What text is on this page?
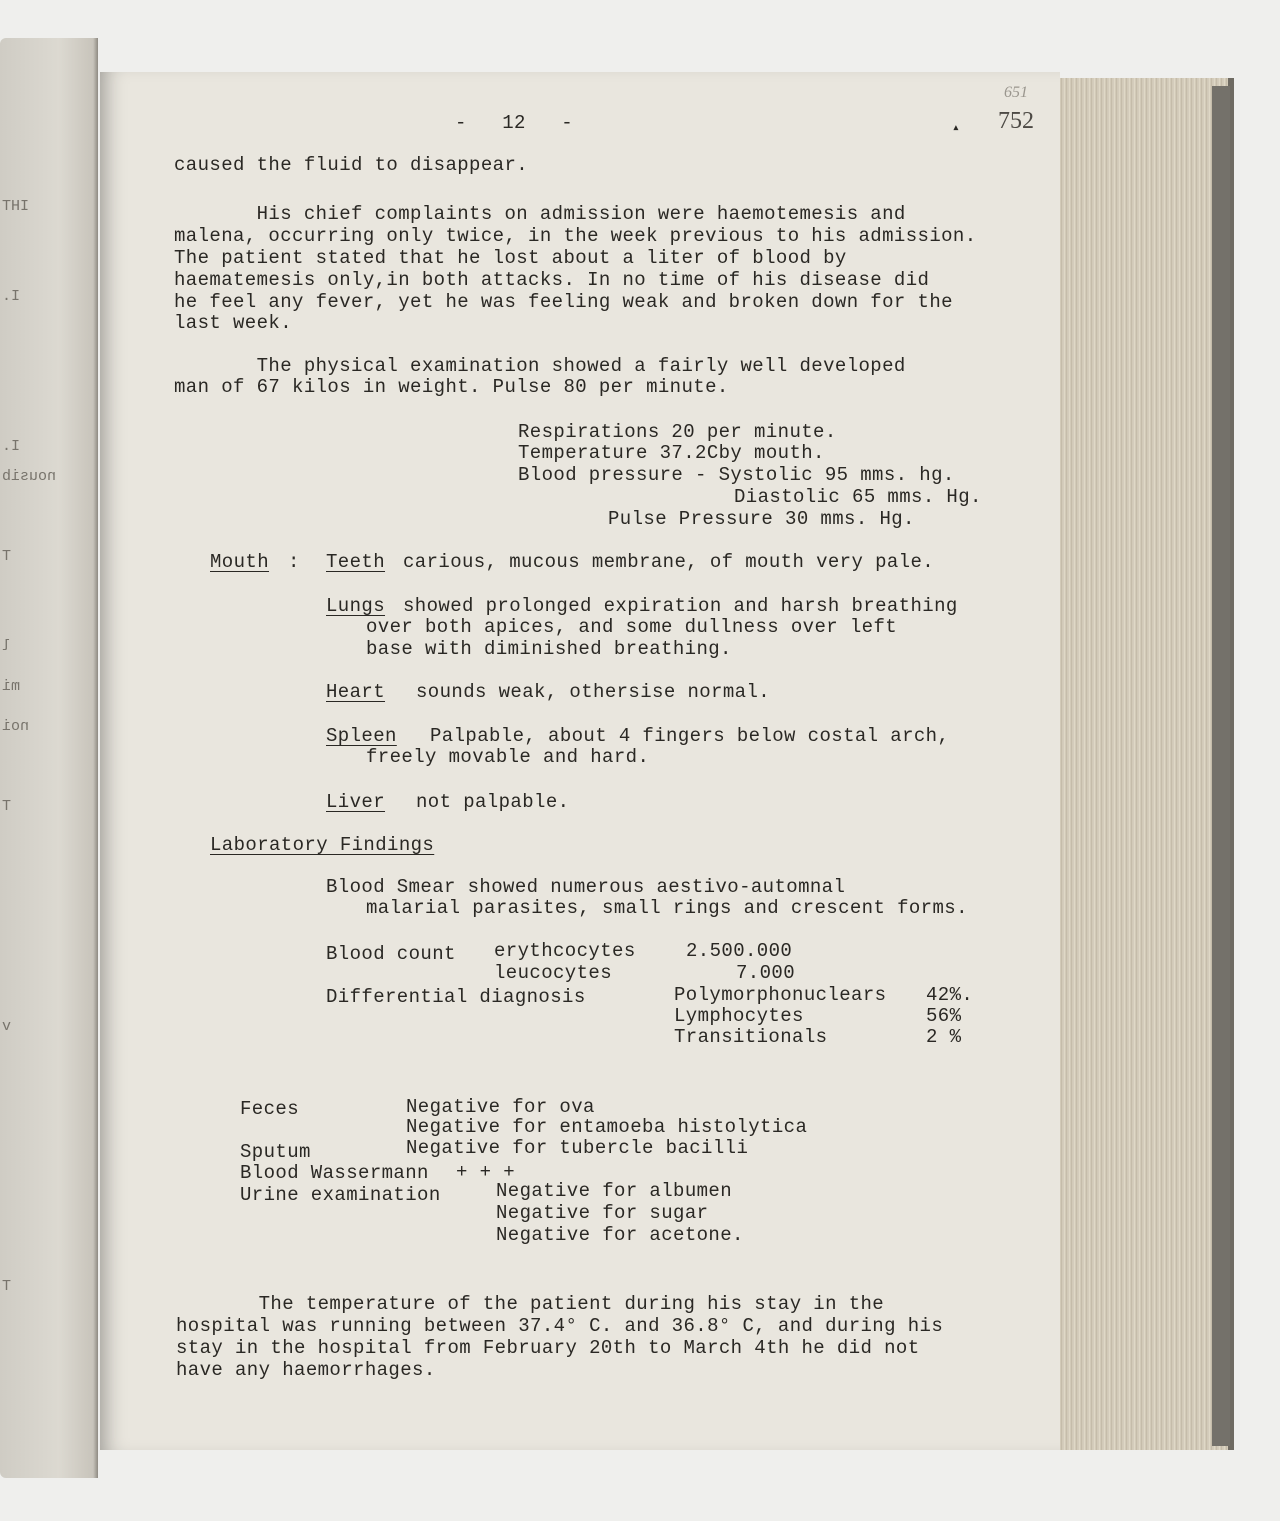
IHT
I.
I.
nousib
T
l
mi
noi
T
v
T
-   12   -	▴ 752
651
caused the fluid to disappear.
His chief complaints on admission were haemotemesis and
malena, occurring only twice, in the week previous to his admission.
The patient stated that he lost about a liter of blood by
haematemesis only,in both attacks. In no time of his disease did
he feel any fever, yet he was feeling weak and broken down for the
last week.
The physical examination showed a fairly well developed
man of 67 kilos in weight. Pulse 80 per minute.
Respirations 20 per minute.
Temperature 37.2Cby mouth.
Blood pressure - Systolic 95 mms. hg.
Diastolic 65 mms. Hg.
Pulse Pressure 30 mms. Hg.
Mouth : Teeth carious, mucous membrane, of mouth very pale.
Lungs showed prolonged expiration and harsh breathing
over both apices, and some dullness over left
base with diminished breathing.
Heart sounds weak, othersise normal.
Spleen Palpable, about 4 fingers below costal arch,
freely movable and hard.
Liver not palpable.
Laboratory Findings
Blood Smear showed numerous aestivo-automnal
malarial parasites, small rings and crescent forms.
Blood count erythcocytes	2.500.000
leucocytes	7.000
Differential diagnosis	Polymorphonuclears 42%.
Lymphocytes	56%
Transitionals	2 %
Feces	Negative for ova
Negative for entamoeba histolytica
Sputum	Negative for tubercle bacilli
Blood Wassermann + + +
Urine examination	Negative for albumen
Negative for sugar
Negative for acetone.
The temperature of the patient during his stay in the
hospital was running between 37.4° C. and 36.8° C, and during his
stay in the hospital from February 20th to March 4th he did not
have any haemorrhages.
